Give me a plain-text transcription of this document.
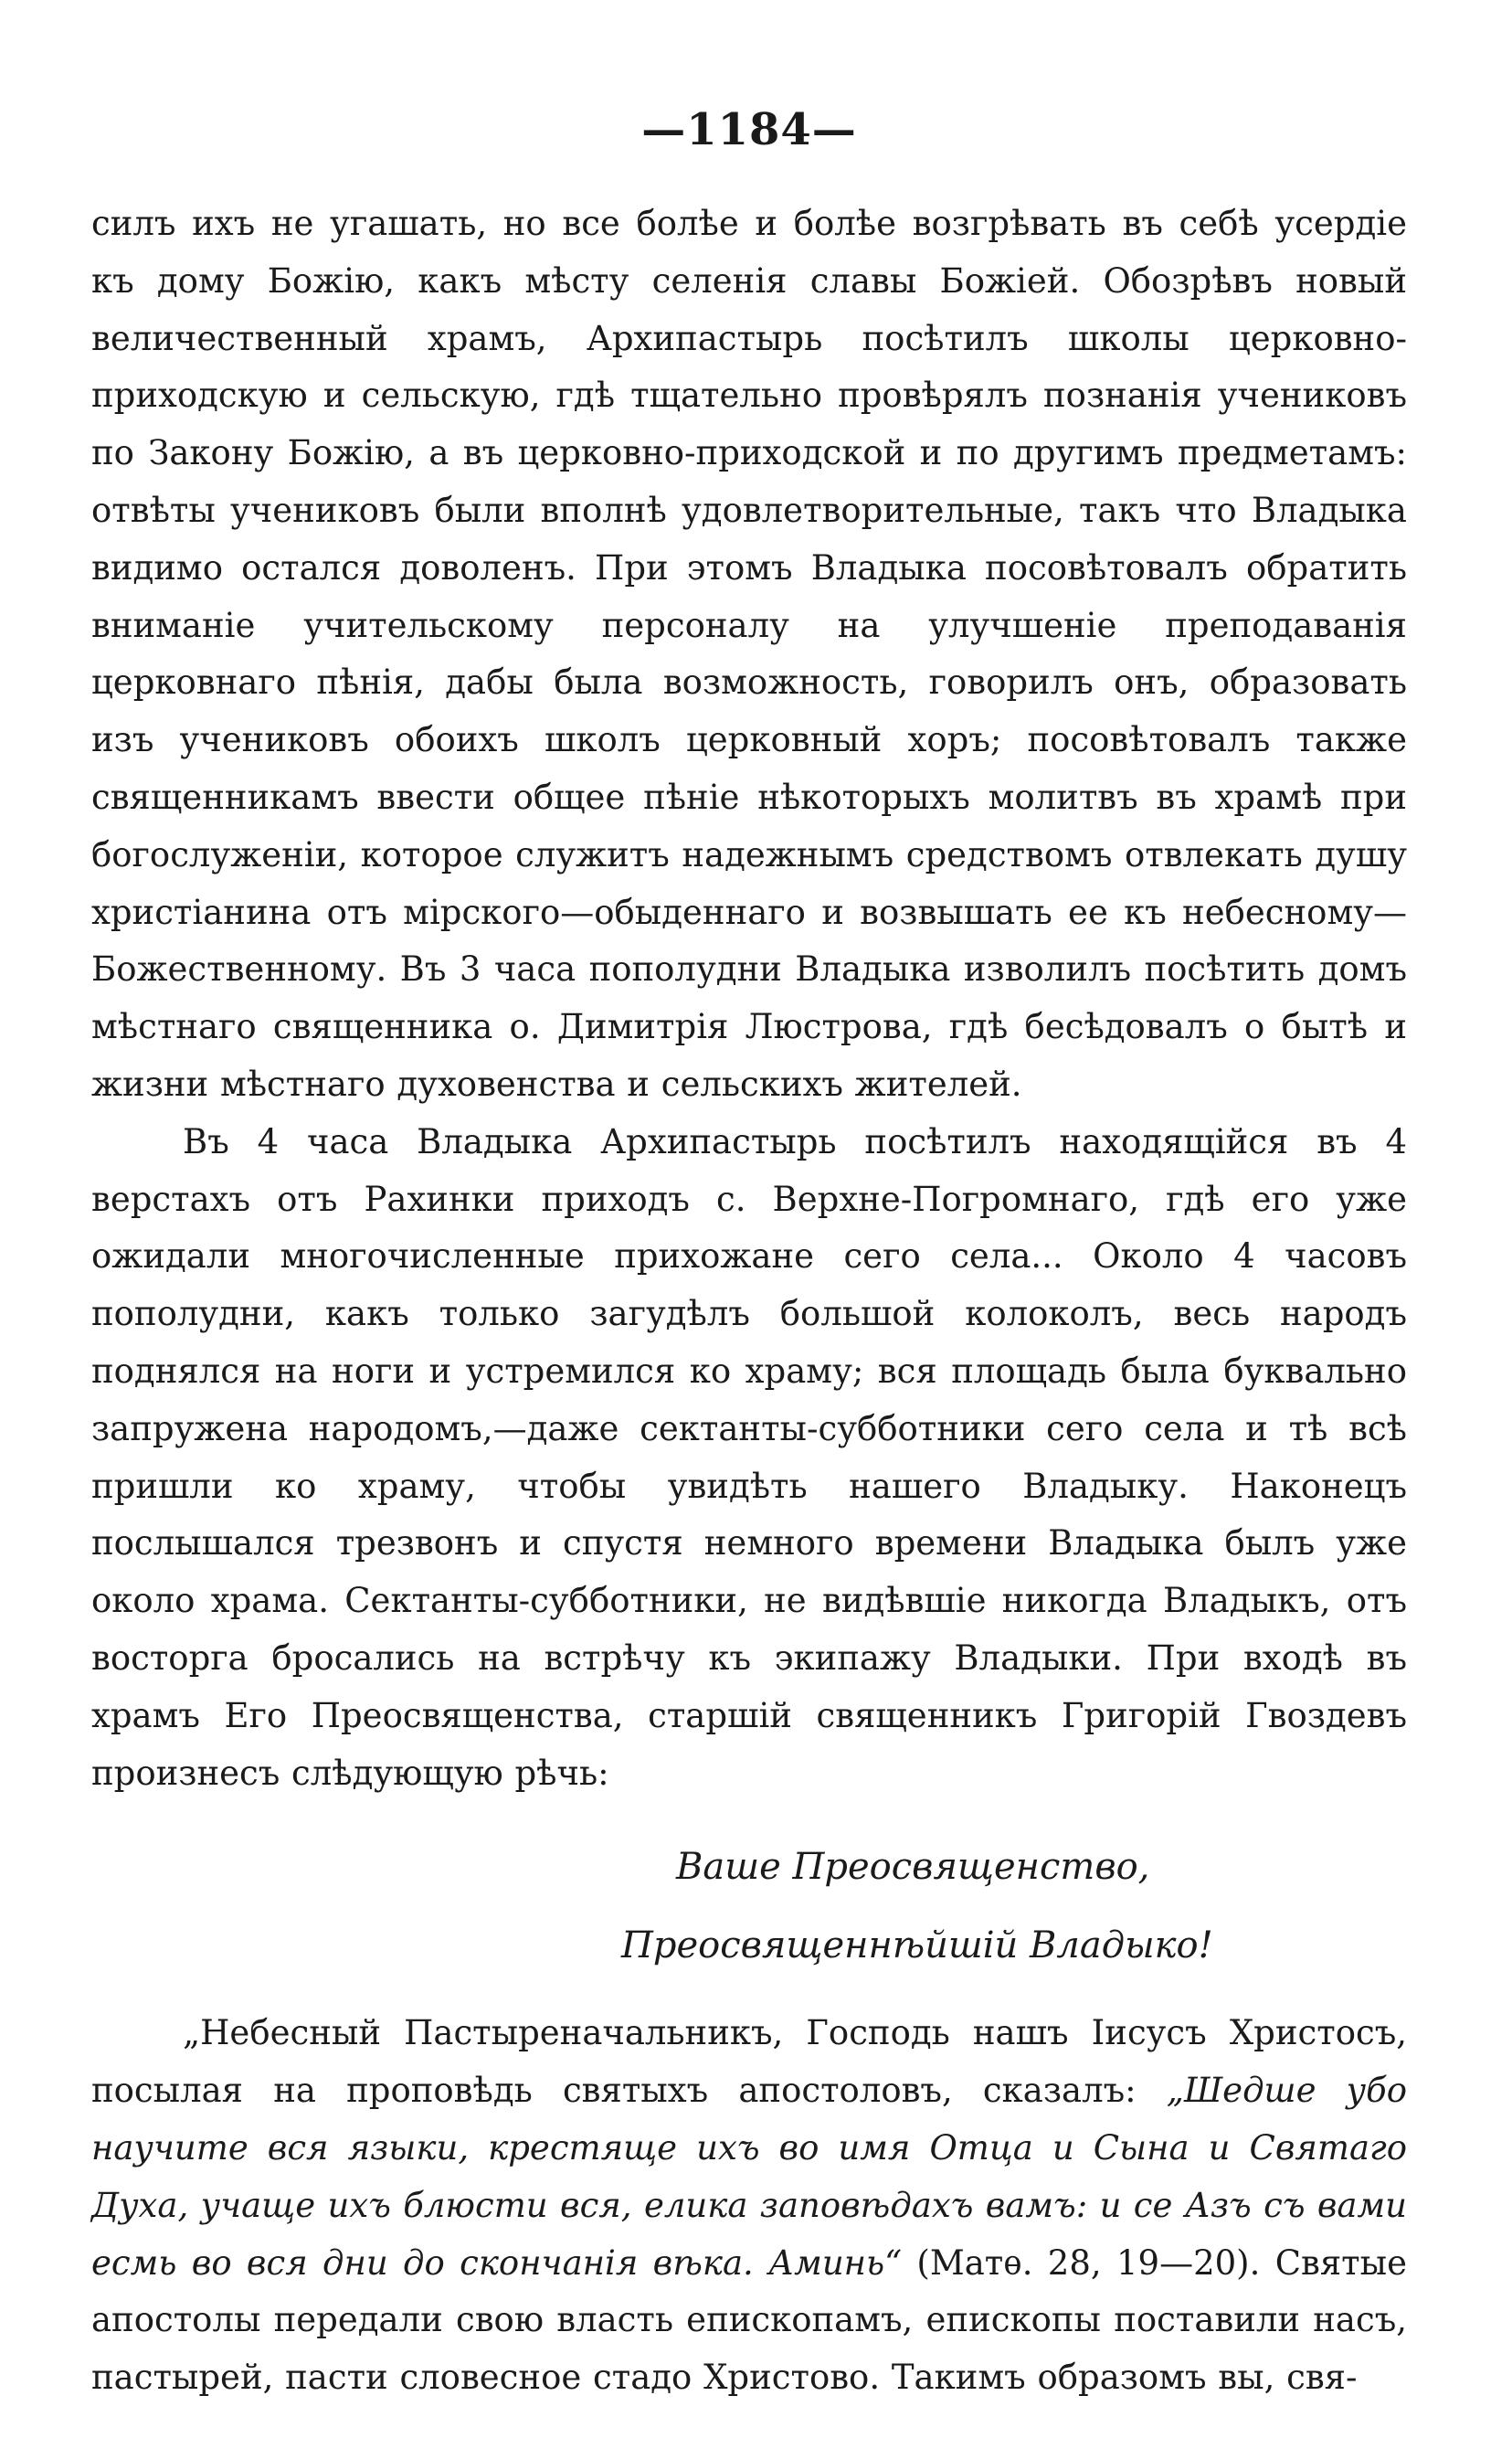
—1184—

силъ ихъ не угашать, но все болѣе и болѣе возгрѣвать въ себѣ усердіе къ дому Божію, какъ мѣсту селенія славы Божіей. Обозрѣвъ новый величественный храмъ, Архипастырь посѣтилъ школы церковно-приходскую и сельскую, гдѣ тщательно провѣрялъ познанія учениковъ по Закону Божію, а въ церковно-приходской и по другимъ предметамъ: отвѣты учениковъ были вполнѣ удовлетворительные, такъ что Владыка видимо остался доволенъ. При этомъ Владыка посовѣтовалъ обратить вниманіе учительскому персоналу на улучшеніе преподаванія церковнаго пѣнія, дабы была возможность, говорилъ онъ, образовать изъ учениковъ обоихъ школъ церковный хоръ; посовѣтовалъ также священникамъ ввести общее пѣніе нѣкоторыхъ молитвъ въ храмѣ при богослуженіи, которое служитъ надежнымъ средствомъ отвлекать душу христіанина отъ мірского—обыденнаго и возвышать ее къ небесному—Божественному. Въ 3 часа пополудни Владыка изволилъ посѣтить домъ мѣстнаго священника о. Димитрія Люстрова, гдѣ бесѣдовалъ о бытѣ и жизни мѣстнаго духовенства и сельскихъ жителей.

Въ 4 часа Владыка Архипастырь посѣтилъ находящійся въ 4 верстахъ отъ Рахинки приходъ с. Верхне-Погромнаго, гдѣ его уже ожидали многочисленные прихожане сего села... Около 4 часовъ пополудни, какъ только загудѣлъ большой колоколъ, весь народъ поднялся на ноги и устремился ко храму; вся площадь была буквально запружена народомъ,—даже сектанты-субботники сего села и тѣ всѣ пришли ко храму, чтобы увидѣть нашего Владыку. Наконецъ послышался трезвонъ и спустя немного времени Владыка былъ уже около храма. Сектанты-субботники, не видѣвшіе никогда Владыкъ, отъ восторга бросались на встрѣчу къ экипажу Владыки. При входѣ въ храмъ Его Преосвященства, старшій священникъ Григорій Гвоздевъ произнесъ слѣдующую рѣчь:

Ваше Преосвященство,
Преосвященнѣйшій Владыко!

„Небесный Пастыреначальникъ, Господь нашъ Іисусъ Христосъ, посылая на проповѣдь святыхъ апостоловъ, сказалъ: „Шедше убо научите вся языки, крестяще ихъ во имя Отца и Сына и Святаго Духа, учаще ихъ блюсти вся, елика заповѣдахъ вамъ: и се Азъ съ вами есмь во вся дни до скончанія вѣка. Аминь“ (Матѳ. 28, 19—20). Святые апостолы передали свою власть епископамъ, епископы поставили насъ, пастырей, пасти словесное стадо Христово. Такимъ образомъ вы, свя-
